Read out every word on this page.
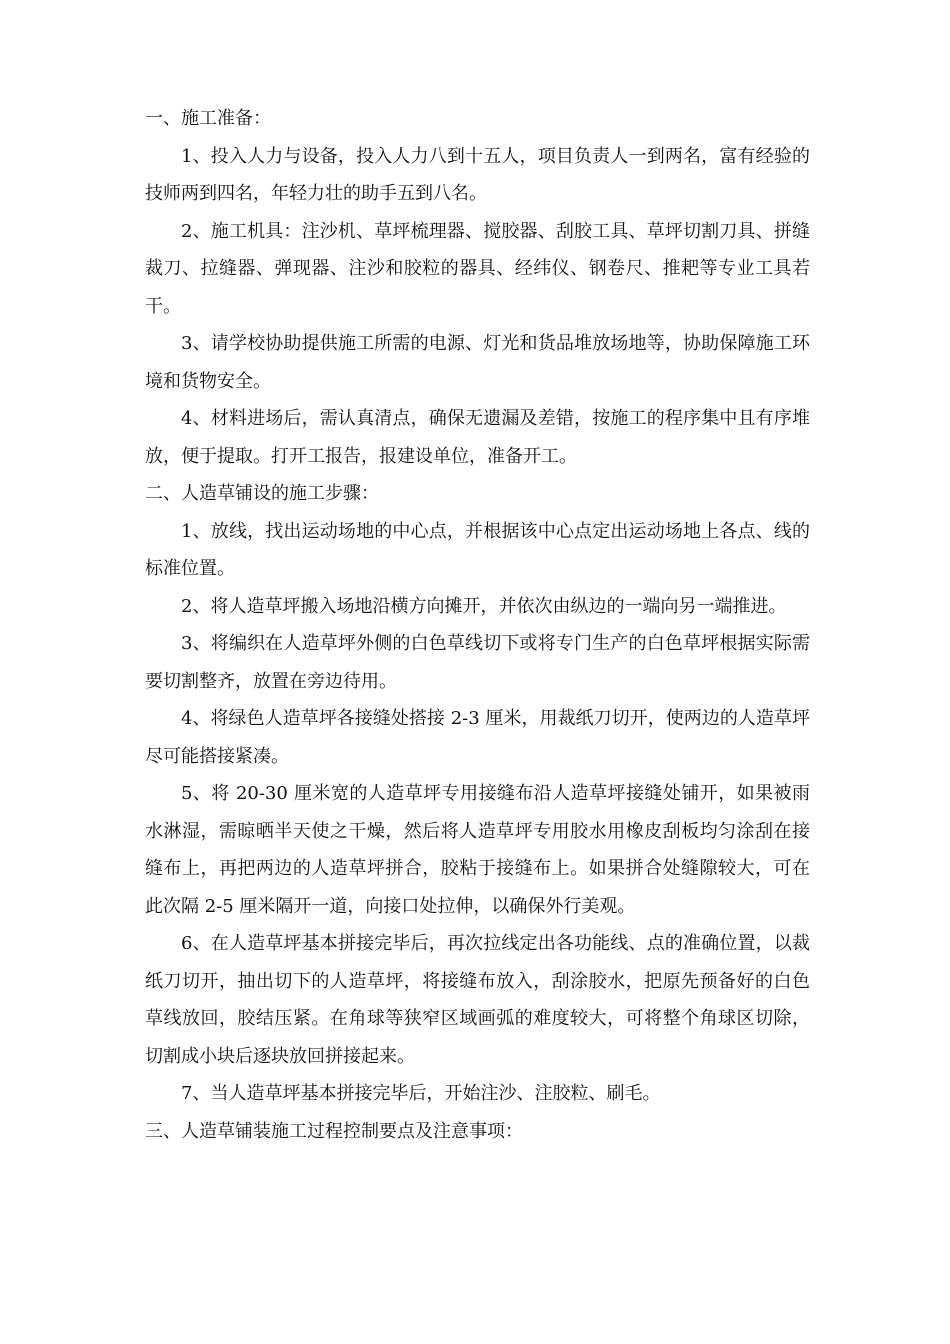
一、施工准备：

1、投入人力与设备，投入人力八到十五人，项目负责人一到两名，富有经验的技师两到四名，年轻力壮的助手五到八名。

2、施工机具：注沙机、草坪梳理器、搅胶器、刮胶工具、草坪切割刀具、拼缝裁刀、拉缝器、弹现器、注沙和胶粒的器具、经纬仪、钢卷尺、推耙等专业工具若干。

3、请学校协助提供施工所需的电源、灯光和货品堆放场地等，协助保障施工环境和货物安全。

4、材料进场后，需认真清点，确保无遗漏及差错，按施工的程序集中且有序堆放，便于提取。打开工报告，报建设单位，准备开工。

二、人造草铺设的施工步骤：

1、放线，找出运动场地的中心点，并根据该中心点定出运动场地上各点、线的标准位置。

2、将人造草坪搬入场地沿横方向摊开，并依次由纵边的一端向另一端推进。

3、将编织在人造草坪外侧的白色草线切下或将专门生产的白色草坪根据实际需要切割整齐，放置在旁边待用。

4、将绿色人造草坪各接缝处搭接 2-3 厘米，用裁纸刀切开，使两边的人造草坪尽可能搭接紧凑。

5、将 20-30 厘米宽的人造草坪专用接缝布沿人造草坪接缝处铺开，如果被雨水淋湿，需晾晒半天使之干燥，然后将人造草坪专用胶水用橡皮刮板均匀涂刮在接缝布上，再把两边的人造草坪拼合，胶粘于接缝布上。如果拼合处缝隙较大，可在此次隔 2-5 厘米隔开一道，向接口处拉伸，以确保外行美观。

6、在人造草坪基本拼接完毕后，再次拉线定出各功能线、点的准确位置，以裁纸刀切开，抽出切下的人造草坪，将接缝布放入，刮涂胶水，把原先预备好的白色草线放回，胶结压紧。在角球等狭窄区域画弧的难度较大，可将整个角球区切除，切割成小块后逐块放回拼接起来。

7、当人造草坪基本拼接完毕后，开始注沙、注胶粒、刷毛。

三、人造草铺装施工过程控制要点及注意事项：
